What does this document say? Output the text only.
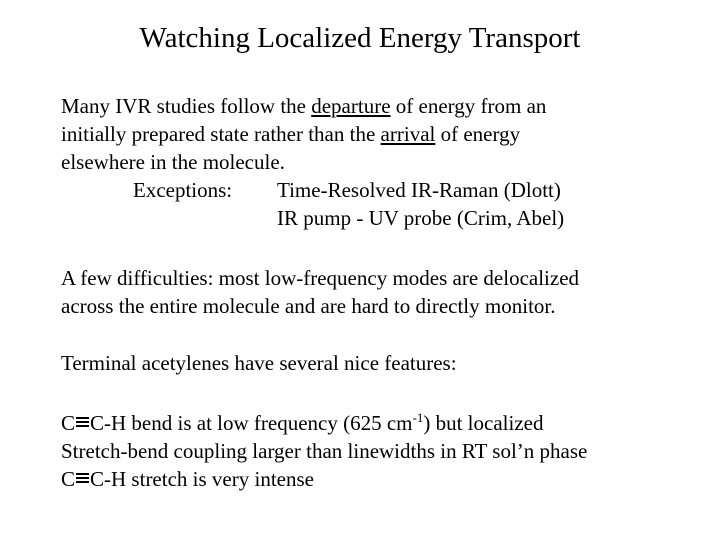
Watching Localized Energy Transport
Many IVR studies follow the departure of energy from an
initially prepared state rather than the arrival of energy
elsewhere in the molecule.
Exceptions: Time-Resolved IR-Raman (Dlott)
IR pump - UV probe (Crim, Abel)
A few difficulties: most low-frequency modes are delocalized
across the entire molecule and are hard to directly monitor.
Terminal acetylenes have several nice features:
C C-H bend is at low frequency (625 $cm^{-1}$) but localized
Stretch-bend coupling larger than linewidths in RT sol’n phase
C C-H stretch is very intense
